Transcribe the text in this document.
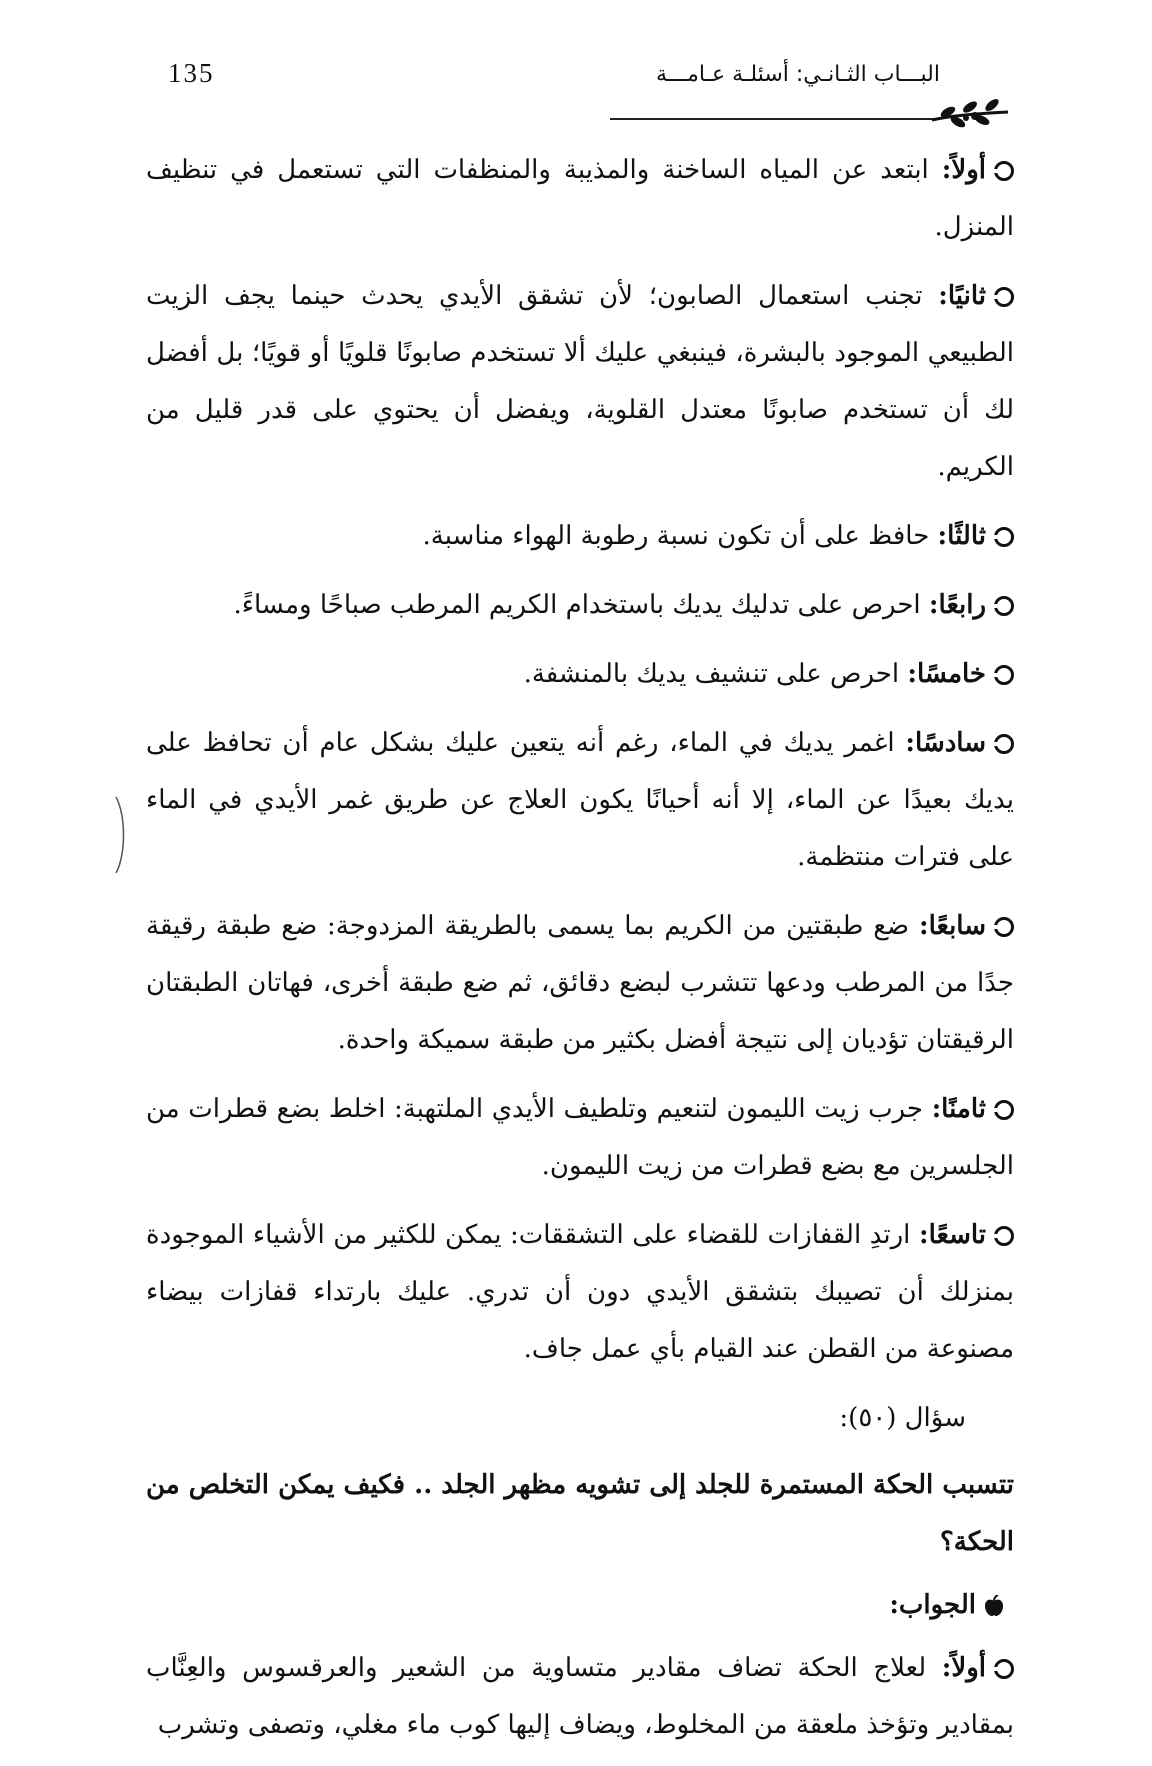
135	البـــاب الثـانـي: أسئلـة عـامـــة

أولاً: ابتعد عن المياه الساخنة والمذيبة والمنظفات التي تستعمل في تنظيف المنزل.

ثانيًا: تجنب استعمال الصابون؛ لأن تشقق الأيدي يحدث حينما يجف الزيت الطبيعي الموجود بالبشرة، فينبغي عليك ألا تستخدم صابونًا قلويًا أو قويًا؛ بل أفضل لك أن تستخدم صابونًا معتدل القلوية، ويفضل أن يحتوي على قدر قليل من الكريم.

ثالثًا: حافظ على أن تكون نسبة رطوبة الهواء مناسبة.

رابعًا: احرص على تدليك يديك باستخدام الكريم المرطب صباحًا ومساءً.

خامسًا: احرص على تنشيف يديك بالمنشفة.

سادسًا: اغمر يديك في الماء، رغم أنه يتعين عليك بشكل عام أن تحافظ على يديك بعيدًا عن الماء، إلا أنه أحيانًا يكون العلاج عن طريق غمر الأيدي في الماء على فترات منتظمة.

سابعًا: ضع طبقتين من الكريم بما يسمى بالطريقة المزدوجة: ضع طبقة رقيقة جدًا من المرطب ودعها تتشرب لبضع دقائق، ثم ضع طبقة أخرى، فهاتان الطبقتان الرقيقتان تؤديان إلى نتيجة أفضل بكثير من طبقة سميكة واحدة.

ثامنًا: جرب زيت الليمون لتنعيم وتلطيف الأيدي الملتهبة: اخلط بضع قطرات من الجلسرين مع بضع قطرات من زيت الليمون.

تاسعًا: ارتدِ القفازات للقضاء على التشققات: يمكن للكثير من الأشياء الموجودة بمنزلك أن تصيبك بتشقق الأيدي دون أن تدري. عليك بارتداء قفازات بيضاء مصنوعة من القطن عند القيام بأي عمل جاف.

سؤال (٥٠):
تتسبب الحكة المستمرة للجلد إلى تشويه مظهر الجلد .. فكيف يمكن التخلص من الحكة؟
الجواب:

أولاً: لعلاج الحكة تضاف مقادير متساوية من الشعير والعرقسوس والعِنَّاب بمقادير وتؤخذ ملعقة من المخلوط، ويضاف إليها كوب ماء مغلي، وتصفى وتشرب
